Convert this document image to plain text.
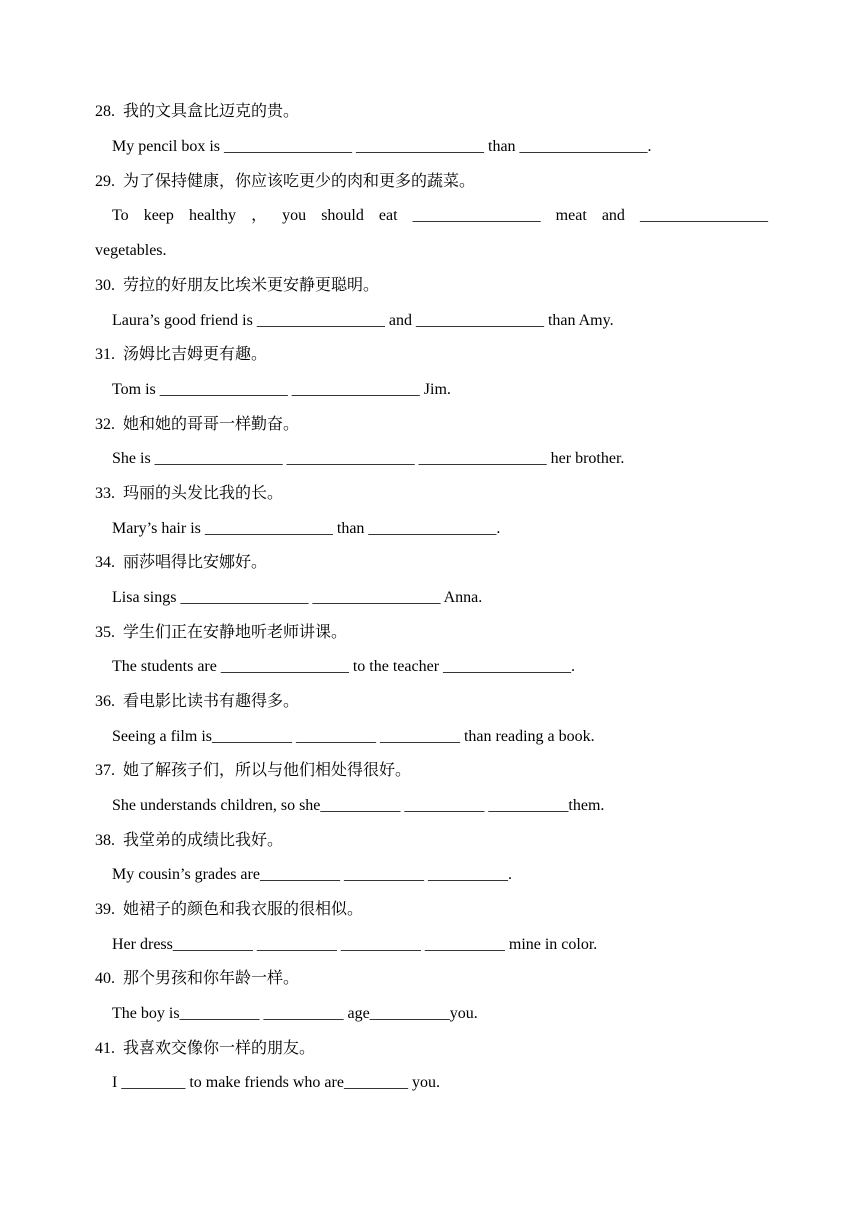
28.  我的文具盒比迈克的贵。
My pencil box is ________________ ________________ than ________________.
29.  为了保持健康，你应该吃更少的肉和更多的蔬菜。
To keep healthy ， you should eat ________________ meat and ________________
vegetables.
30.  劳拉的好朋友比埃米更安静更聪明。
Laura’s good friend is ________________ and ________________ than Amy.
31.  汤姆比吉姆更有趣。
Tom is ________________ ________________ Jim.
32.  她和她的哥哥一样勤奋。
She is ________________ ________________ ________________ her brother.
33.  玛丽的头发比我的长。
Mary’s hair is ________________ than ________________.
34.  丽莎唱得比安娜好。
Lisa sings ________________ ________________ Anna.
35.  学生们正在安静地听老师讲课。
The students are ________________ to the teacher ________________.
36.  看电影比读书有趣得多。
Seeing a film is__________ __________ __________ than reading a book.
37.  她了解孩子们，所以与他们相处得很好。
She understands children, so she__________ __________ __________them.
38.  我堂弟的成绩比我好。
My cousin’s grades are__________ __________ __________.
39.  她裙子的颜色和我衣服的很相似。
Her dress__________ __________ __________ __________ mine in color.
40.  那个男孩和你年龄一样。
The boy is__________ __________ age__________you.
41.  我喜欢交像你一样的朋友。
I ________ to make friends who are________ you.
